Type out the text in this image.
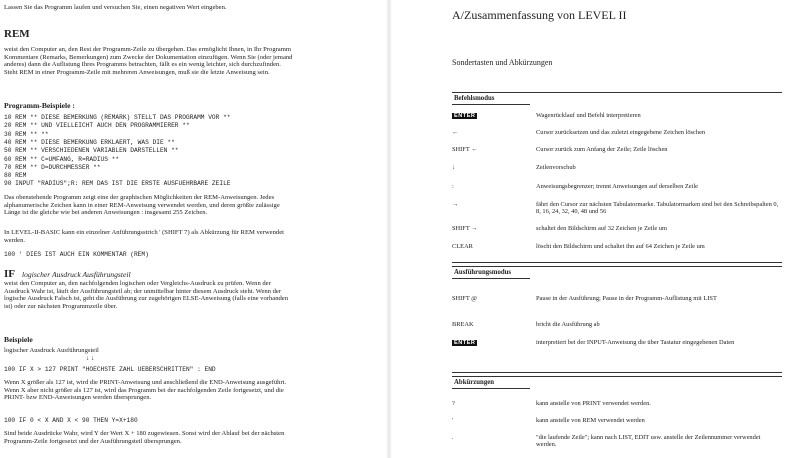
Lassen Sie das Programm laufen und versuchen Sie, einen negativen Wert eingeben.
REM
weist den Computer an, den Rest der Programm-Zeile zu übergehen. Das ermöglicht Ihnen, in Ihr Programm Kommentare (Remarks, Bemerkungen) zum Zwecke der Dokumentation einzufügen. Wenn Sie (oder jemand anderes) dann die Auflistung Ihres Programms betrachten, fällt es ein wenig leichter, sich durchzufinden. Steht REM in einer Programm-Zeile mit mehreren Anweisungen, muß sie die letzte Anweisung sein.
Programm-Beispiele :
10 REM ** DIESE BEMERKUNG (REMARK) STELLT DAS PROGRAMM VOR **
20 REM ** UND VIELLEICHT AUCH DEN PROGRAMMIERER **
30 REM ** **
40 REM ** DIESE BEMERKUNG ERKLAERT, WAS DIE **
50 REM ** VERSCHIEDENEN VARIABLEN DARSTELLEN **
60 REM ** C=UMFANG, R=RADIUS **
70 REM ** D=DURCHMESSER **
80 REM
90 INPUT "RADIUS";R: REM DAS IST DIE ERSTE AUSFUEHRBARE ZEILE
Das obenstehende Programm zeigt eine der graphischen Möglichkeiten der REM-Anweisungen. Jedes alphanumerische Zeichen kann in einer REM-Anweisung verwendet werden, und deren größte zulässige Länge ist die gleiche wie bei anderen Anweisungen : insgesamt 255 Zeichen.
In LEVEL-II-BASIC kann ein einzelner Anführungsstrich ' (SHIFT 7) als Abkürzung für REM verwendet werden.
100 ' DIES IST AUCH EIN KOMMENTAR (REM)
IF logischer Ausdruck Ausführungsteil
weist den Computer an, den nachfolgenden logischen oder Vergleichs-Ausdruck zu prüfen. Wenn der Ausdruck Wahr ist, läuft der Ausführungsteil ab; der unmittelbar hinter diesem Ausdruck steht. Wenn der logische Ausdruck Falsch ist, geht die Ausführung zur zugehörigen ELSE-Anweisung (falls eine vorhanden ist) oder zur nächsten Programmzeile über.
Beispiele
logischer Ausdruck Ausführungsteil
↓ ↓
100 IF X > 127 PRINT "HOECHSTE ZAHL UEBERSCHRITTEN" : END
Wenn X größer als 127 ist, wird die PRINT-Anweisung und anschließend die END-Anweisung ausgeführt. Wenn X aber nicht größer als 127 ist, wird das Programm bei der nachfolgenden Zeile fortgesetzt, und die PRINT- bzw END-Anweisungen werden übersprungen.
100 IF 0 < X AND X < 90 THEN Y=X+180
Sind beide Ausdrücke Wahr, wird Y der Wert X + 180 zugewiesen. Sonst wird der Ablauf bei der nächsten Programm-Zeile fortgesetzt und der Ausführungsteil übersprungen.
A/Zusammenfassung von LEVEL II
Sondertasten und Abkürzungen
Befehlsmodus
ENTER	Wagenrücklauf und Befehl interpretieren
←	Cursor zurücksetzen und das zuletzt eingegebene Zeichen löschen
SHIFT ←	Cursor zurück zum Anfang der Zeile; Zeile löschen
↓	Zeilenvorschub
:	Anweisungsbegrenzer; trennt Anweisungen auf derselben Zeile
→	fährt den Cursor zur nächsten Tabulatormarke. Tabulatormarken sind bei den Schreibspalten 0, 8, 16, 24, 32, 40, 48 und 56
SHIFT →	schaltet den Bildschirm auf 32 Zeichen je Zeile um
CLEAR	löscht den Bildschirm und schaltet ihn auf 64 Zeichen je Zeile um
Ausführungsmodus
SHIFT @	Pause in der Ausführung; Pause in der Programm-Auflistung mit LIST
BREAK	bricht die Ausführung ab
ENTER	interpretiert bei der INPUT-Anweisung die über Tastatur eingegebenen Daten
Abkürzungen
?	kann anstelle von PRINT verwendet werden.
'	kann anstelle von REM verwendet werden
.	"die laufende Zeile"; kann nach LIST, EDIT usw. anstelle der Zeilennummer verwendet werden.
